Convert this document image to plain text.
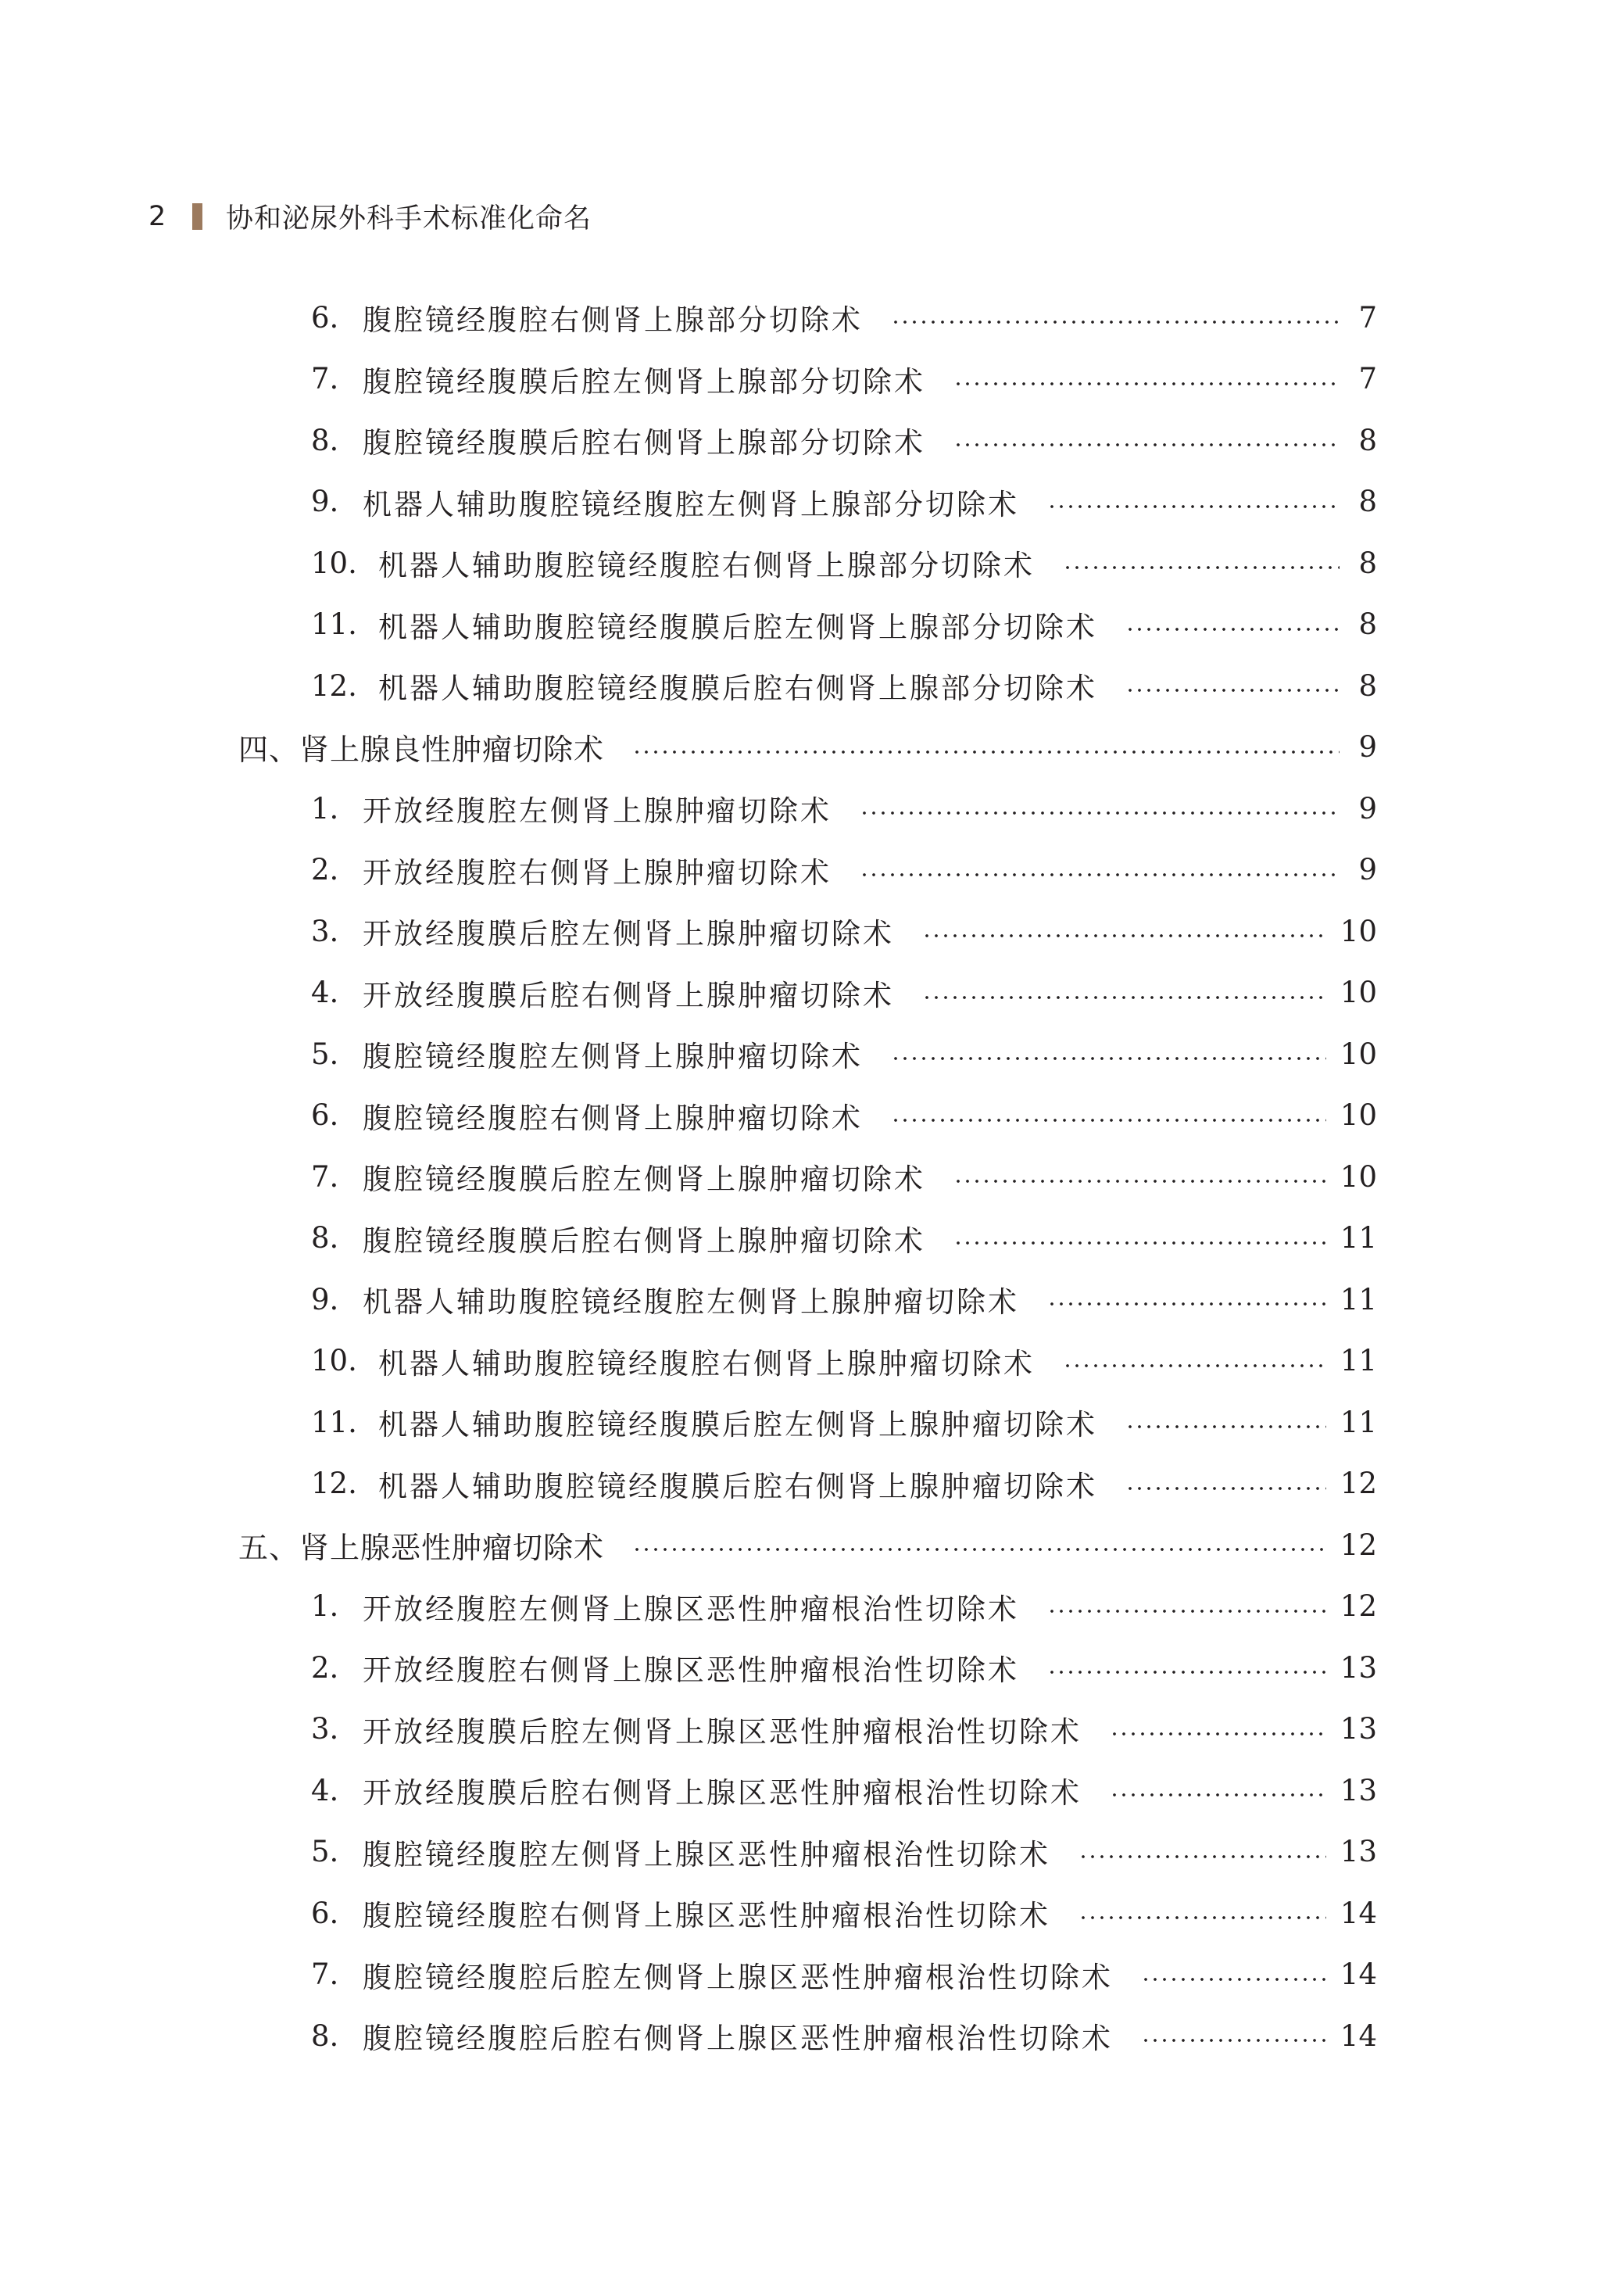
2	协和泌尿外科手术标准化命名
6. 腹腔镜经腹腔右侧肾上腺部分切除术	7
7. 腹腔镜经腹膜后腔左侧肾上腺部分切除术	7
8. 腹腔镜经腹膜后腔右侧肾上腺部分切除术	8
9. 机器人辅助腹腔镜经腹腔左侧肾上腺部分切除术	8
10. 机器人辅助腹腔镜经腹腔右侧肾上腺部分切除术	8
11. 机器人辅助腹腔镜经腹膜后腔左侧肾上腺部分切除术	8
12. 机器人辅助腹腔镜经腹膜后腔右侧肾上腺部分切除术	8
四、肾上腺良性肿瘤切除术	9
1. 开放经腹腔左侧肾上腺肿瘤切除术	9
2. 开放经腹腔右侧肾上腺肿瘤切除术	9
3. 开放经腹膜后腔左侧肾上腺肿瘤切除术	10
4. 开放经腹膜后腔右侧肾上腺肿瘤切除术	10
5. 腹腔镜经腹腔左侧肾上腺肿瘤切除术	10
6. 腹腔镜经腹腔右侧肾上腺肿瘤切除术	10
7. 腹腔镜经腹膜后腔左侧肾上腺肿瘤切除术	10
8. 腹腔镜经腹膜后腔右侧肾上腺肿瘤切除术	11
9. 机器人辅助腹腔镜经腹腔左侧肾上腺肿瘤切除术	11
10. 机器人辅助腹腔镜经腹腔右侧肾上腺肿瘤切除术	11
11. 机器人辅助腹腔镜经腹膜后腔左侧肾上腺肿瘤切除术	11
12. 机器人辅助腹腔镜经腹膜后腔右侧肾上腺肿瘤切除术	12
五、肾上腺恶性肿瘤切除术	12
1. 开放经腹腔左侧肾上腺区恶性肿瘤根治性切除术	12
2. 开放经腹腔右侧肾上腺区恶性肿瘤根治性切除术	13
3. 开放经腹膜后腔左侧肾上腺区恶性肿瘤根治性切除术	13
4. 开放经腹膜后腔右侧肾上腺区恶性肿瘤根治性切除术	13
5. 腹腔镜经腹腔左侧肾上腺区恶性肿瘤根治性切除术	13
6. 腹腔镜经腹腔右侧肾上腺区恶性肿瘤根治性切除术	14
7. 腹腔镜经腹腔后腔左侧肾上腺区恶性肿瘤根治性切除术	14
8. 腹腔镜经腹腔后腔右侧肾上腺区恶性肿瘤根治性切除术	14
